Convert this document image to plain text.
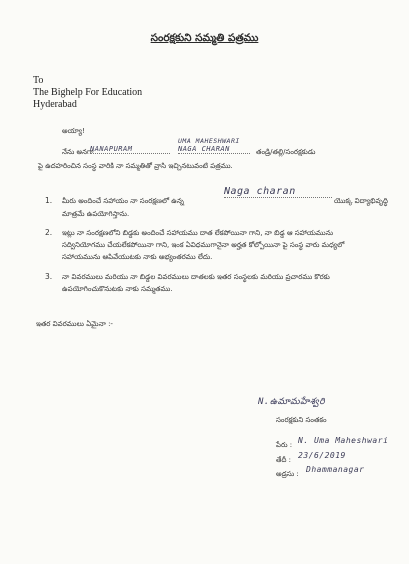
సంరక్షకుని సమ్మతి పత్రము
To
The Bighelp For Education
Hyderabad
అయ్యా!
నేను అనగా
NANAPURAM
UMA MAHESHWARI
NAGA CHARAN	తండ్రి/తల్లి/సంరక్షకుడు
పై ఉదహరించిన సంస్థ వారికి నా సమ్మతితో వ్రాసి ఇచ్చినటువంటి పత్రము.
1. మీరు అందించే సహాయం నా సంరక్షణలో ఉన్న
Naga charan
యొక్క విద్యాభివృద్ధి
మాత్రమే ఉపయోగిస్తాను.
2. ఇట్లు నా సంరక్షణలోని బిడ్డకు అందించే సహాయము దాత లేకపోయినా గాని, నా బిడ్డ ఆ సహాయమును
సద్వినియోగము చేయలేకపోయినా గాని, ఇంక ఏవిధముగానైనా అర్హత కోల్పోయినా పై సంస్థ వారు మధ్యలో
సహాయమును ఆపివేయుటకు నాకు అభ్యంతరము లేదు.
3. నా వివరములు మరియు నా బిడ్డల వివరములు దాతలకు ఇతర సంస్థలకు మరియు ప్రచారము కొరకు
ఉపయోగించుకొనుటకు నాకు సమ్మతము.
ఇతర వివరములు ఏమైనా :-
N.ఉమామహేశ్వరి
సంరక్షకుని సంతకం
పేరు : N. Uma Maheshwari
తేదీ : 23/6/2019
అడ్రసు : Dhammanagar
